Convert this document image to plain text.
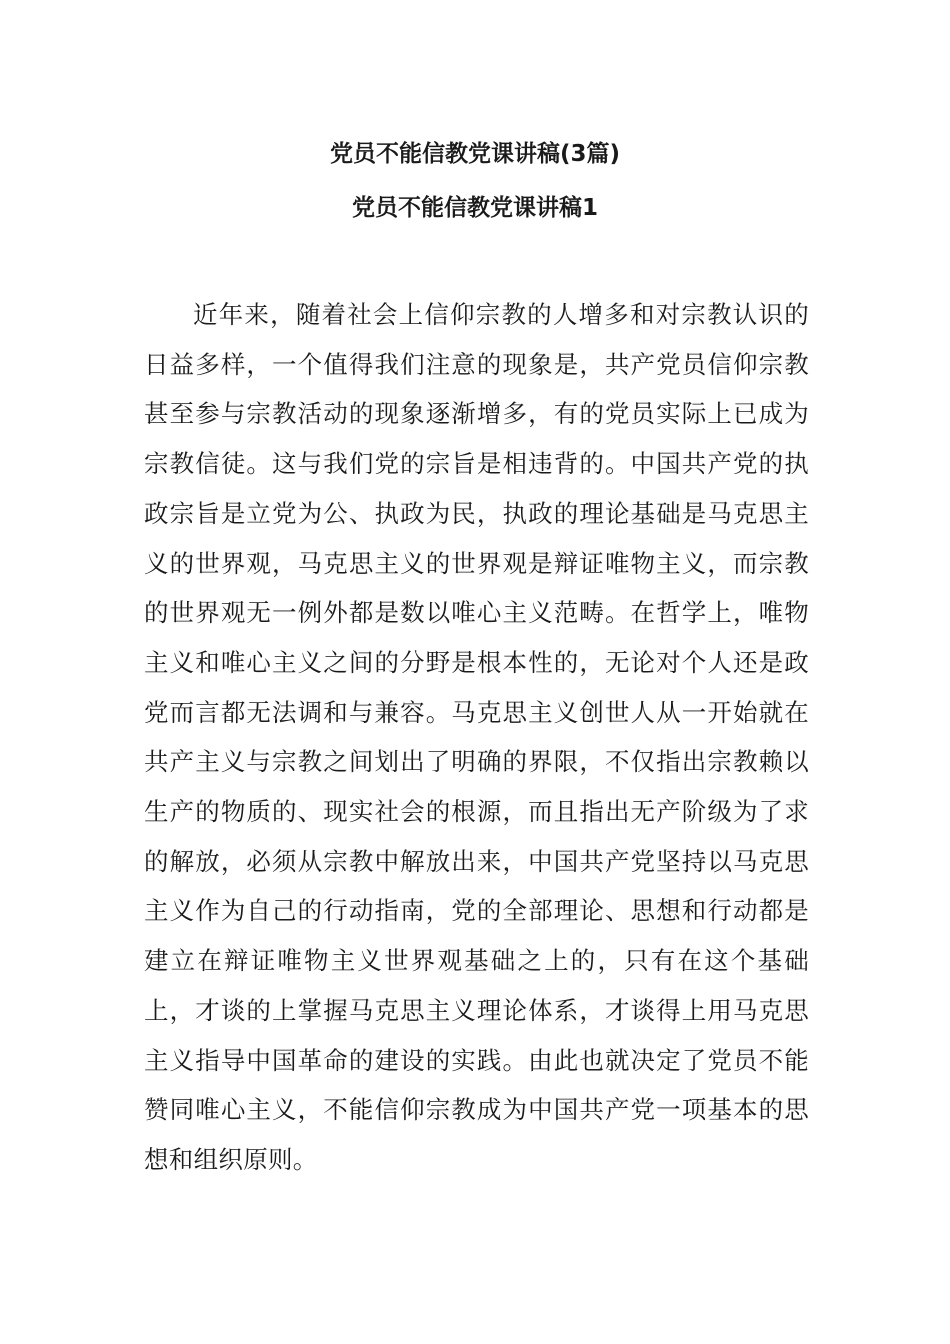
党员不能信教党课讲稿(3篇)
党员不能信教党课讲稿1

近年来，随着社会上信仰宗教的人增多和对宗教认识的日益多样，一个值得我们注意的现象是，共产党员信仰宗教甚至参与宗教活动的现象逐渐增多，有的党员实际上已成为宗教信徒。这与我们党的宗旨是相违背的。中国共产党的执政宗旨是立党为公、执政为民，执政的理论基础是马克思主义的世界观，马克思主义的世界观是辩证唯物主义，而宗教的世界观无一例外都是数以唯心主义范畴。在哲学上，唯物主义和唯心主义之间的分野是根本性的，无论对个人还是政党而言都无法调和与兼容。马克思主义创世人从一开始就在共产主义与宗教之间划出了明确的界限，不仅指出宗教赖以生产的物质的、现实社会的根源，而且指出无产阶级为了求的解放，必须从宗教中解放出来，中国共产党坚持以马克思主义作为自己的行动指南，党的全部理论、思想和行动都是建立在辩证唯物主义世界观基础之上的，只有在这个基础上，才谈的上掌握马克思主义理论体系，才谈得上用马克思主义指导中国革命的建设的实践。由此也就决定了党员不能赞同唯心主义，不能信仰宗教成为中国共产党一项基本的思想和组织原则。
